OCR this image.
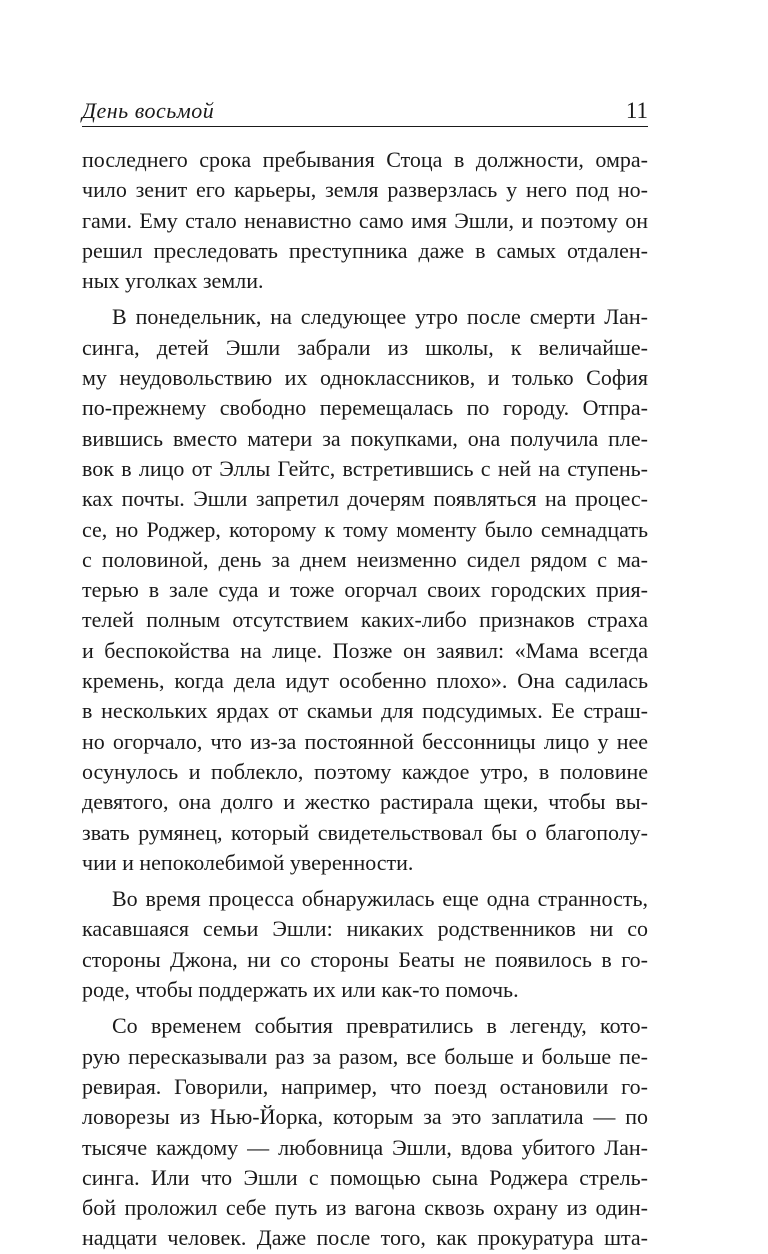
День восьмой	11
последнего срока пребывания Стоца в должности, омра-
чило зенит его карьеры, земля разверзлась у него под но-
гами. Ему стало ненавистно само имя Эшли, и поэтому он
решил преследовать преступника даже в самых отдален-
ных уголках земли.
В понедельник, на следующее утро после смерти Лан-
синга, детей Эшли забрали из школы, к величайше-
му неудовольствию их одноклассников, и только София
по-прежнему свободно перемещалась по городу. Отпра-
вившись вместо матери за покупками, она получила пле-
вок в лицо от Эллы Гейтс, встретившись с ней на ступень-
ках почты. Эшли запретил дочерям появляться на процес-
се, но Роджер, которому к тому моменту было семнадцать
с половиной, день за днем неизменно сидел рядом с ма-
терью в зале суда и тоже огорчал своих городских прия-
телей полным отсутствием каких-либо признаков страха
и беспокойства на лице. Позже он заявил: «Мама всегда
кремень, когда дела идут особенно плохо». Она садилась
в нескольких ярдах от скамьи для подсудимых. Ее страш-
но огорчало, что из-за постоянной бессонницы лицо у нее
осунулось и поблекло, поэтому каждое утро, в половине
девятого, она долго и жестко растирала щеки, чтобы вы-
звать румянец, который свидетельствовал бы о благополу-
чии и непоколебимой уверенности.
Во время процесса обнаружилась еще одна странность,
касавшаяся семьи Эшли: никаких родственников ни со
стороны Джона, ни со стороны Беаты не появилось в го-
роде, чтобы поддержать их или как-то помочь.
Со временем события превратились в легенду, кото-
рую пересказывали раз за разом, все больше и больше пе-
ревирая. Говорили, например, что поезд остановили го-
ловорезы из Нью-Йорка, которым за это заплатила — по
тысяче каждому — любовница Эшли, вдова убитого Лан-
синга. Или что Эшли с помощью сына Роджера стрель-
бой проложил себе путь из вагона сквозь охрану из один-
надцати человек. Даже после того, как прокуратура шта-
